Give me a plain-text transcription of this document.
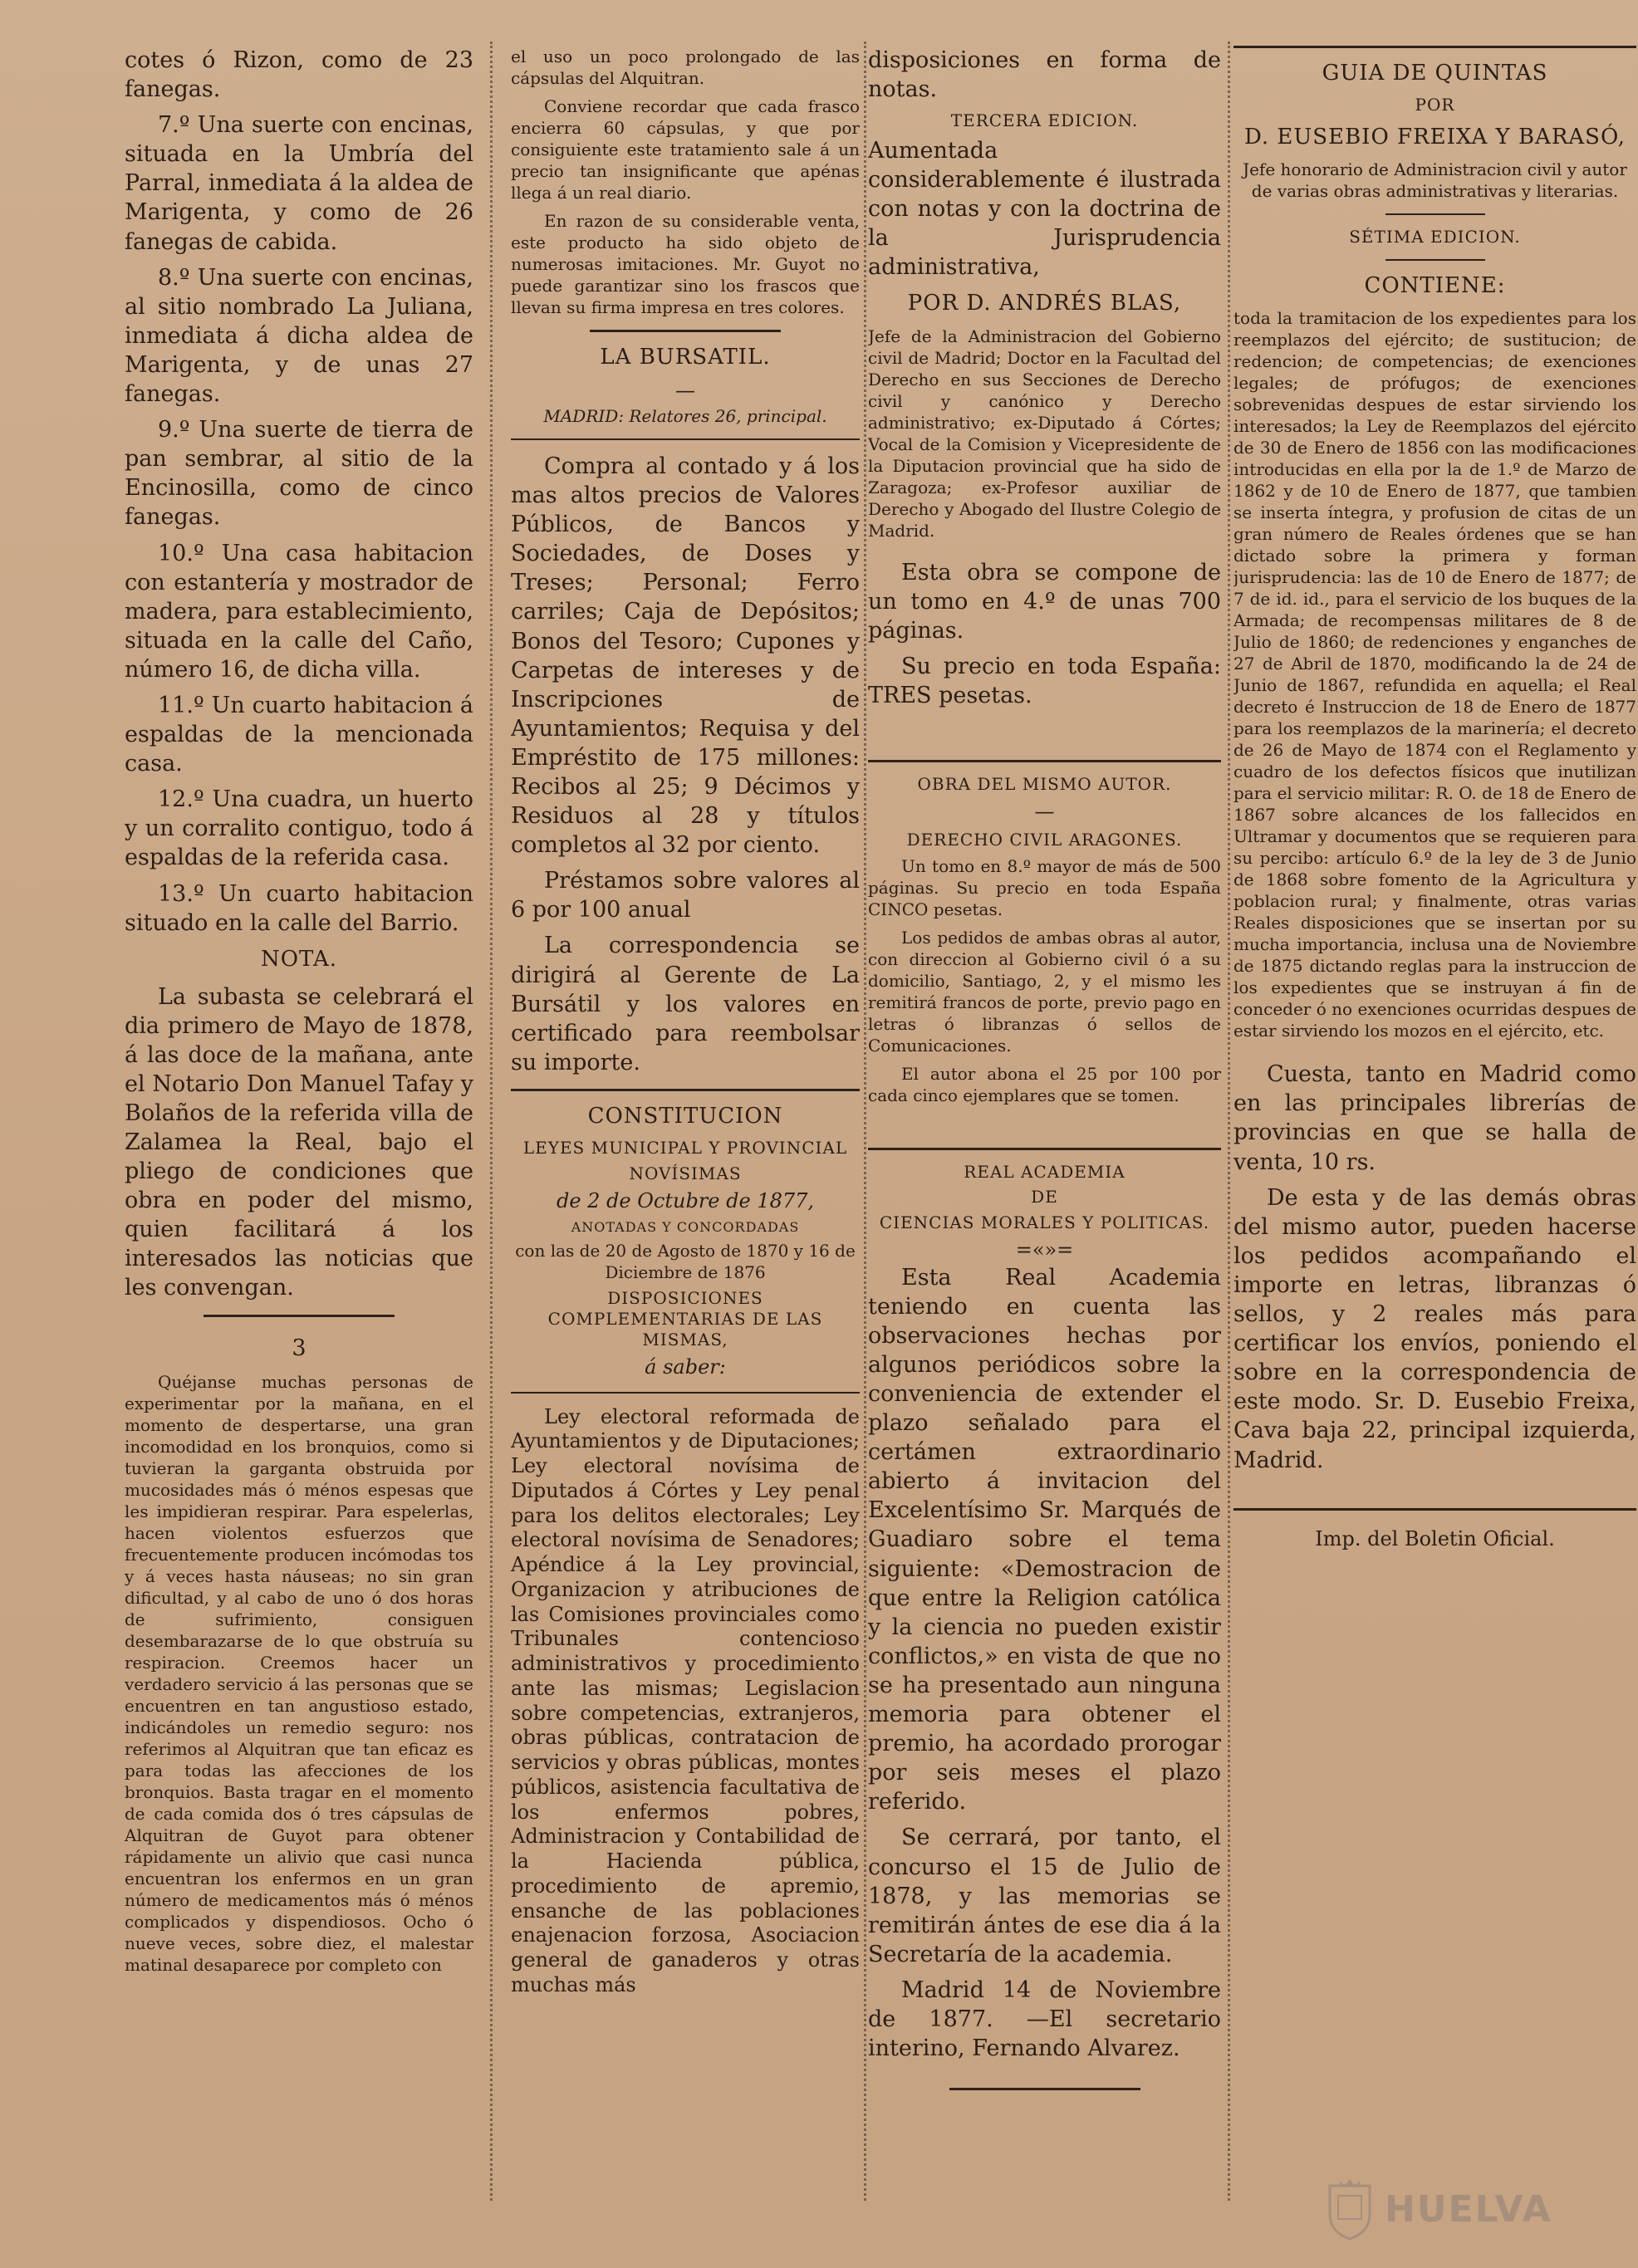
cotes ó Rizon, como de 23 fanegas.

7.º Una suerte con encinas, situada en la Umbría del Parral, inmediata á la aldea de Marigenta, y como de 26 fanegas de cabida.

8.º Una suerte con encinas, al sitio nombrado La Juliana, inmediata á dicha aldea de Marigenta, y de unas 27 fanegas.

9.º Una suerte de tierra de pan sembrar, al sitio de la Encinosilla, como de cinco fanegas.

10.º Una casa habitacion con estantería y mostrador de madera, para establecimiento, situada en la calle del Caño, número 16, de dicha villa.

11.º Un cuarto habitacion á espaldas de la mencionada casa.

12.º Una cuadra, un huerto y un corralito contiguo, todo á espaldas de la referida casa.

13.º Un cuarto habitacion situado en la calle del Barrio.

NOTA.

La subasta se celebrará el dia primero de Mayo de 1878, á las doce de la mañana, ante el Notario Don Manuel Tafay y Bolaños de la referida villa de Zalamea la Real, bajo el pliego de condiciones que obra en poder del mismo, quien facilitará á los interesados las noticias que les convengan.

3

Quéjanse muchas personas de experimentar por la mañana, en el momento de despertarse, una gran incomodidad en los bronquios, como si tuvieran la garganta obstruida por mucosidades más ó ménos espesas que les impidieran respirar. Para espelerlas, hacen violentos esfuerzos que frecuentemente producen incómodas tos y á veces hasta náuseas; no sin gran dificultad, y al cabo de uno ó dos horas de sufrimiento, consiguen desembarazarse de lo que obstruía su respiracion. Creemos hacer un verdadero servicio á las personas que se encuentren en tan angustioso estado, indicándoles un remedio seguro: nos referimos al Alquitran que tan eficaz es para todas las afecciones de los bronquios. Basta tragar en el momento de cada comida dos ó tres cápsulas de Alquitran de Guyot para obtener rápidamente un alivio que casi nunca encuentran los enfermos en un gran número de medicamentos más ó ménos complicados y dispendiosos. Ocho ó nueve veces, sobre diez, el malestar matinal desaparece por completo con

el uso un poco prolongado de las cápsulas del Alquitran.

Conviene recordar que cada frasco encierra 60 cápsulas, y que por consiguiente este tratamiento sale á un precio tan insignificante que apénas llega á un real diario.

En razon de su considerable venta, este producto ha sido objeto de numerosas imitaciones. Mr. Guyot no puede garantizar sino los frascos que llevan su firma impresa en tres colores.

LA BURSATIL.
—
MADRID: Relatores 26, principal.

Compra al contado y á los mas altos precios de Valores Públicos, de Bancos y Sociedades, de Doses y Treses; Personal; Ferro carriles; Caja de Depósitos; Bonos del Tesoro; Cupones y Carpetas de intereses y de Inscripciones de Ayuntamientos; Requisa y del Empréstito de 175 millones: Recibos al 25; 9 Décimos y Residuos al 28 y títulos completos al 32 por ciento.

Préstamos sobre valores al 6 por 100 anual

La correspondencia se dirigirá al Gerente de La Bursátil y los valores en certificado para reembolsar su importe.

CONSTITUCION
LEYES MUNICIPAL Y PROVINCIAL
NOVÍSIMAS
de 2 de Octubre de 1877,
ANOTADAS Y CONCORDADAS
con las de 20 de Agosto de 1870 y 16 de Diciembre de 1876
DISPOSICIONES COMPLEMENTARIAS DE LAS MISMAS,
á saber:

Ley electoral reformada de Ayuntamientos y de Diputaciones; Ley electoral novísima de Diputados á Córtes y Ley penal para los delitos electorales; Ley electoral novísima de Senadores; Apéndice á la Ley provincial, Organizacion y atribuciones de las Comisiones provinciales como Tribunales contencioso administrativos y procedimiento ante las mismas; Legislacion sobre competencias, extranjeros, obras públicas, contratacion de servicios y obras públicas, montes públicos, asistencia facultativa de los enfermos pobres, Administracion y Contabilidad de la Hacienda pública, procedimiento de apremio, ensanche de las poblaciones enajenacion forzosa, Asociacion general de ganaderos y otras muchas más

disposiciones en forma de notas.

TERCERA EDICION.

Aumentada considerablemente é ilustrada con notas y con la doctrina de la Jurisprudencia administrativa,

POR D. ANDRÉS BLAS,

Jefe de la Administracion del Gobierno civil de Madrid; Doctor en la Facultad del Derecho en sus Secciones de Derecho civil y canónico y Derecho administrativo; ex-Diputado á Córtes; Vocal de la Comision y Vicepresidente de la Diputacion provincial que ha sido de Zaragoza; ex-Profesor auxiliar de Derecho y Abogado del Ilustre Colegio de Madrid.

Esta obra se compone de un tomo en 4.º de unas 700 páginas.

Su precio en toda España: TRES pesetas.

OBRA DEL MISMO AUTOR.
—
DERECHO CIVIL ARAGONES.

Un tomo en 8.º mayor de más de 500 páginas. Su precio en toda España CINCO pesetas.

Los pedidos de ambas obras al autor, con direccion al Gobierno civil ó a su domicilio, Santiago, 2, y el mismo les remitirá francos de porte, previo pago en letras ó libranzas ó sellos de Comunicaciones.

El autor abona el 25 por 100 por cada cinco ejemplares que se tomen.

REAL ACADEMIA
DE
CIENCIAS MORALES Y POLITICAS.
=«»=

Esta Real Academia teniendo en cuenta las observaciones hechas por algunos periódicos sobre la conveniencia de extender el plazo señalado para el certámen extraordinario abierto á invitacion del Excelentísimo Sr. Marqués de Guadiaro sobre el tema siguiente: «Demostracion de que entre la Religion católica y la ciencia no pueden existir conflictos,» en vista de que no se ha presentado aun ninguna memoria para obtener el premio, ha acordado prorogar por seis meses el plazo referido.

Se cerrará, por tanto, el concurso el 15 de Julio de 1878, y las memorias se remitirán ántes de ese dia á la Secretaría de la academia.

Madrid 14 de Noviembre de 1877. —El secretario interino, Fernando Alvarez.

GUIA DE QUINTAS
POR
D. EUSEBIO FREIXA Y BARASÓ,

Jefe honorario de Administracion civil y autor de varias obras administrativas y literarias.

SÉTIMA EDICION.
CONTIENE:

toda la tramitacion de los expedientes para los reemplazos del ejército; de sustitucion; de redencion; de competencias; de exenciones legales; de prófugos; de exenciones sobrevenidas despues de estar sirviendo los interesados; la Ley de Reemplazos del ejército de 30 de Enero de 1856 con las modificaciones introducidas en ella por la de 1.º de Marzo de 1862 y de 10 de Enero de 1877, que tambien se inserta íntegra, y profusion de citas de un gran número de Reales órdenes que se han dictado sobre la primera y forman jurisprudencia: las de 10 de Enero de 1877; de 7 de id. id., para el servicio de los buques de la Armada; de recompensas militares de 8 de Julio de 1860; de redenciones y enganches de 27 de Abril de 1870, modificando la de 24 de Junio de 1867, refundida en aquella; el Real decreto é Instruccion de 18 de Enero de 1877 para los reemplazos de la marinería; el decreto de 26 de Mayo de 1874 con el Reglamento y cuadro de los defectos físicos que inutilizan para el servicio militar: R. O. de 18 de Enero de 1867 sobre alcances de los fallecidos en Ultramar y documentos que se requieren para su percibo: artículo 6.º de la ley de 3 de Junio de 1868 sobre fomento de la Agricultura y poblacion rural; y finalmente, otras varias Reales disposiciones que se insertan por su mucha importancia, inclusa una de Noviembre de 1875 dictando reglas para la instruccion de los expedientes que se instruyan á fin de conceder ó no exenciones ocurridas despues de estar sirviendo los mozos en el ejército, etc.

Cuesta, tanto en Madrid como en las principales librerías de provincias en que se halla de venta, 10 rs.

De esta y de las demás obras del mismo autor, pueden hacerse los pedidos acompañando el importe en letras, libranzas ó sellos, y 2 reales más para certificar los envíos, poniendo el sobre en la correspondencia de este modo. Sr. D. Eusebio Freixa, Cava baja 22, principal izquierda, Madrid.

Imp. del Boletin Oficial.
HUELVA
